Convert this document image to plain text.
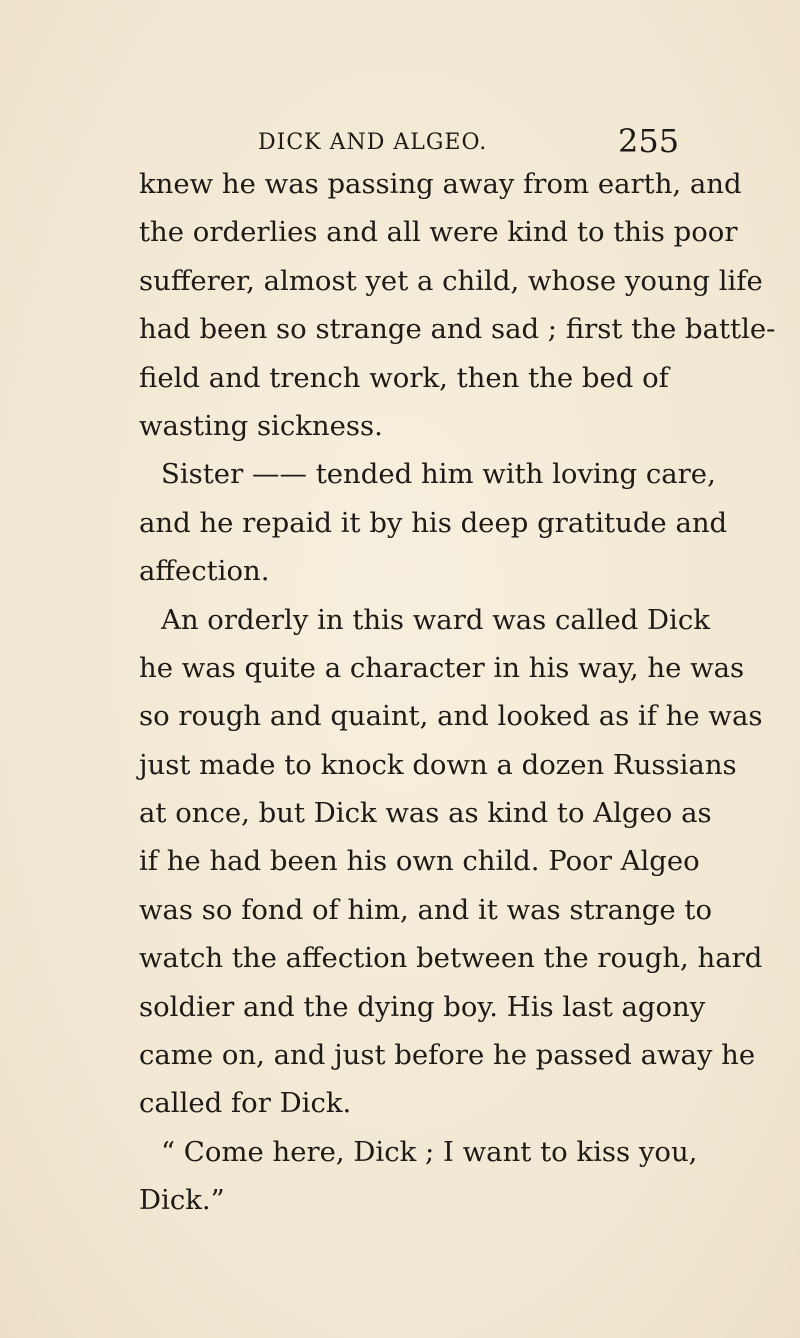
DICK AND ALGEO.	255
knew he was passing away from earth, and
the orderlies and all were kind to this poor
sufferer, almost yet a child, whose young life
had been so strange and sad ; first the battle-
field and trench work, then the bed of
wasting sickness.
Sister —— tended him with loving care,
and he repaid it by his deep gratitude and
affection.
An orderly in this ward was called Dick
he was quite a character in his way, he was
so rough and quaint, and looked as if he was
just made to knock down a dozen Russians
at once, but Dick was as kind to Algeo as
if he had been his own child. Poor Algeo
was so fond of him, and it was strange to
watch the affection between the rough, hard
soldier and the dying boy. His last agony
came on, and just before he passed away he
called for Dick.
“ Come here, Dick ; I want to kiss you,
Dick.”
